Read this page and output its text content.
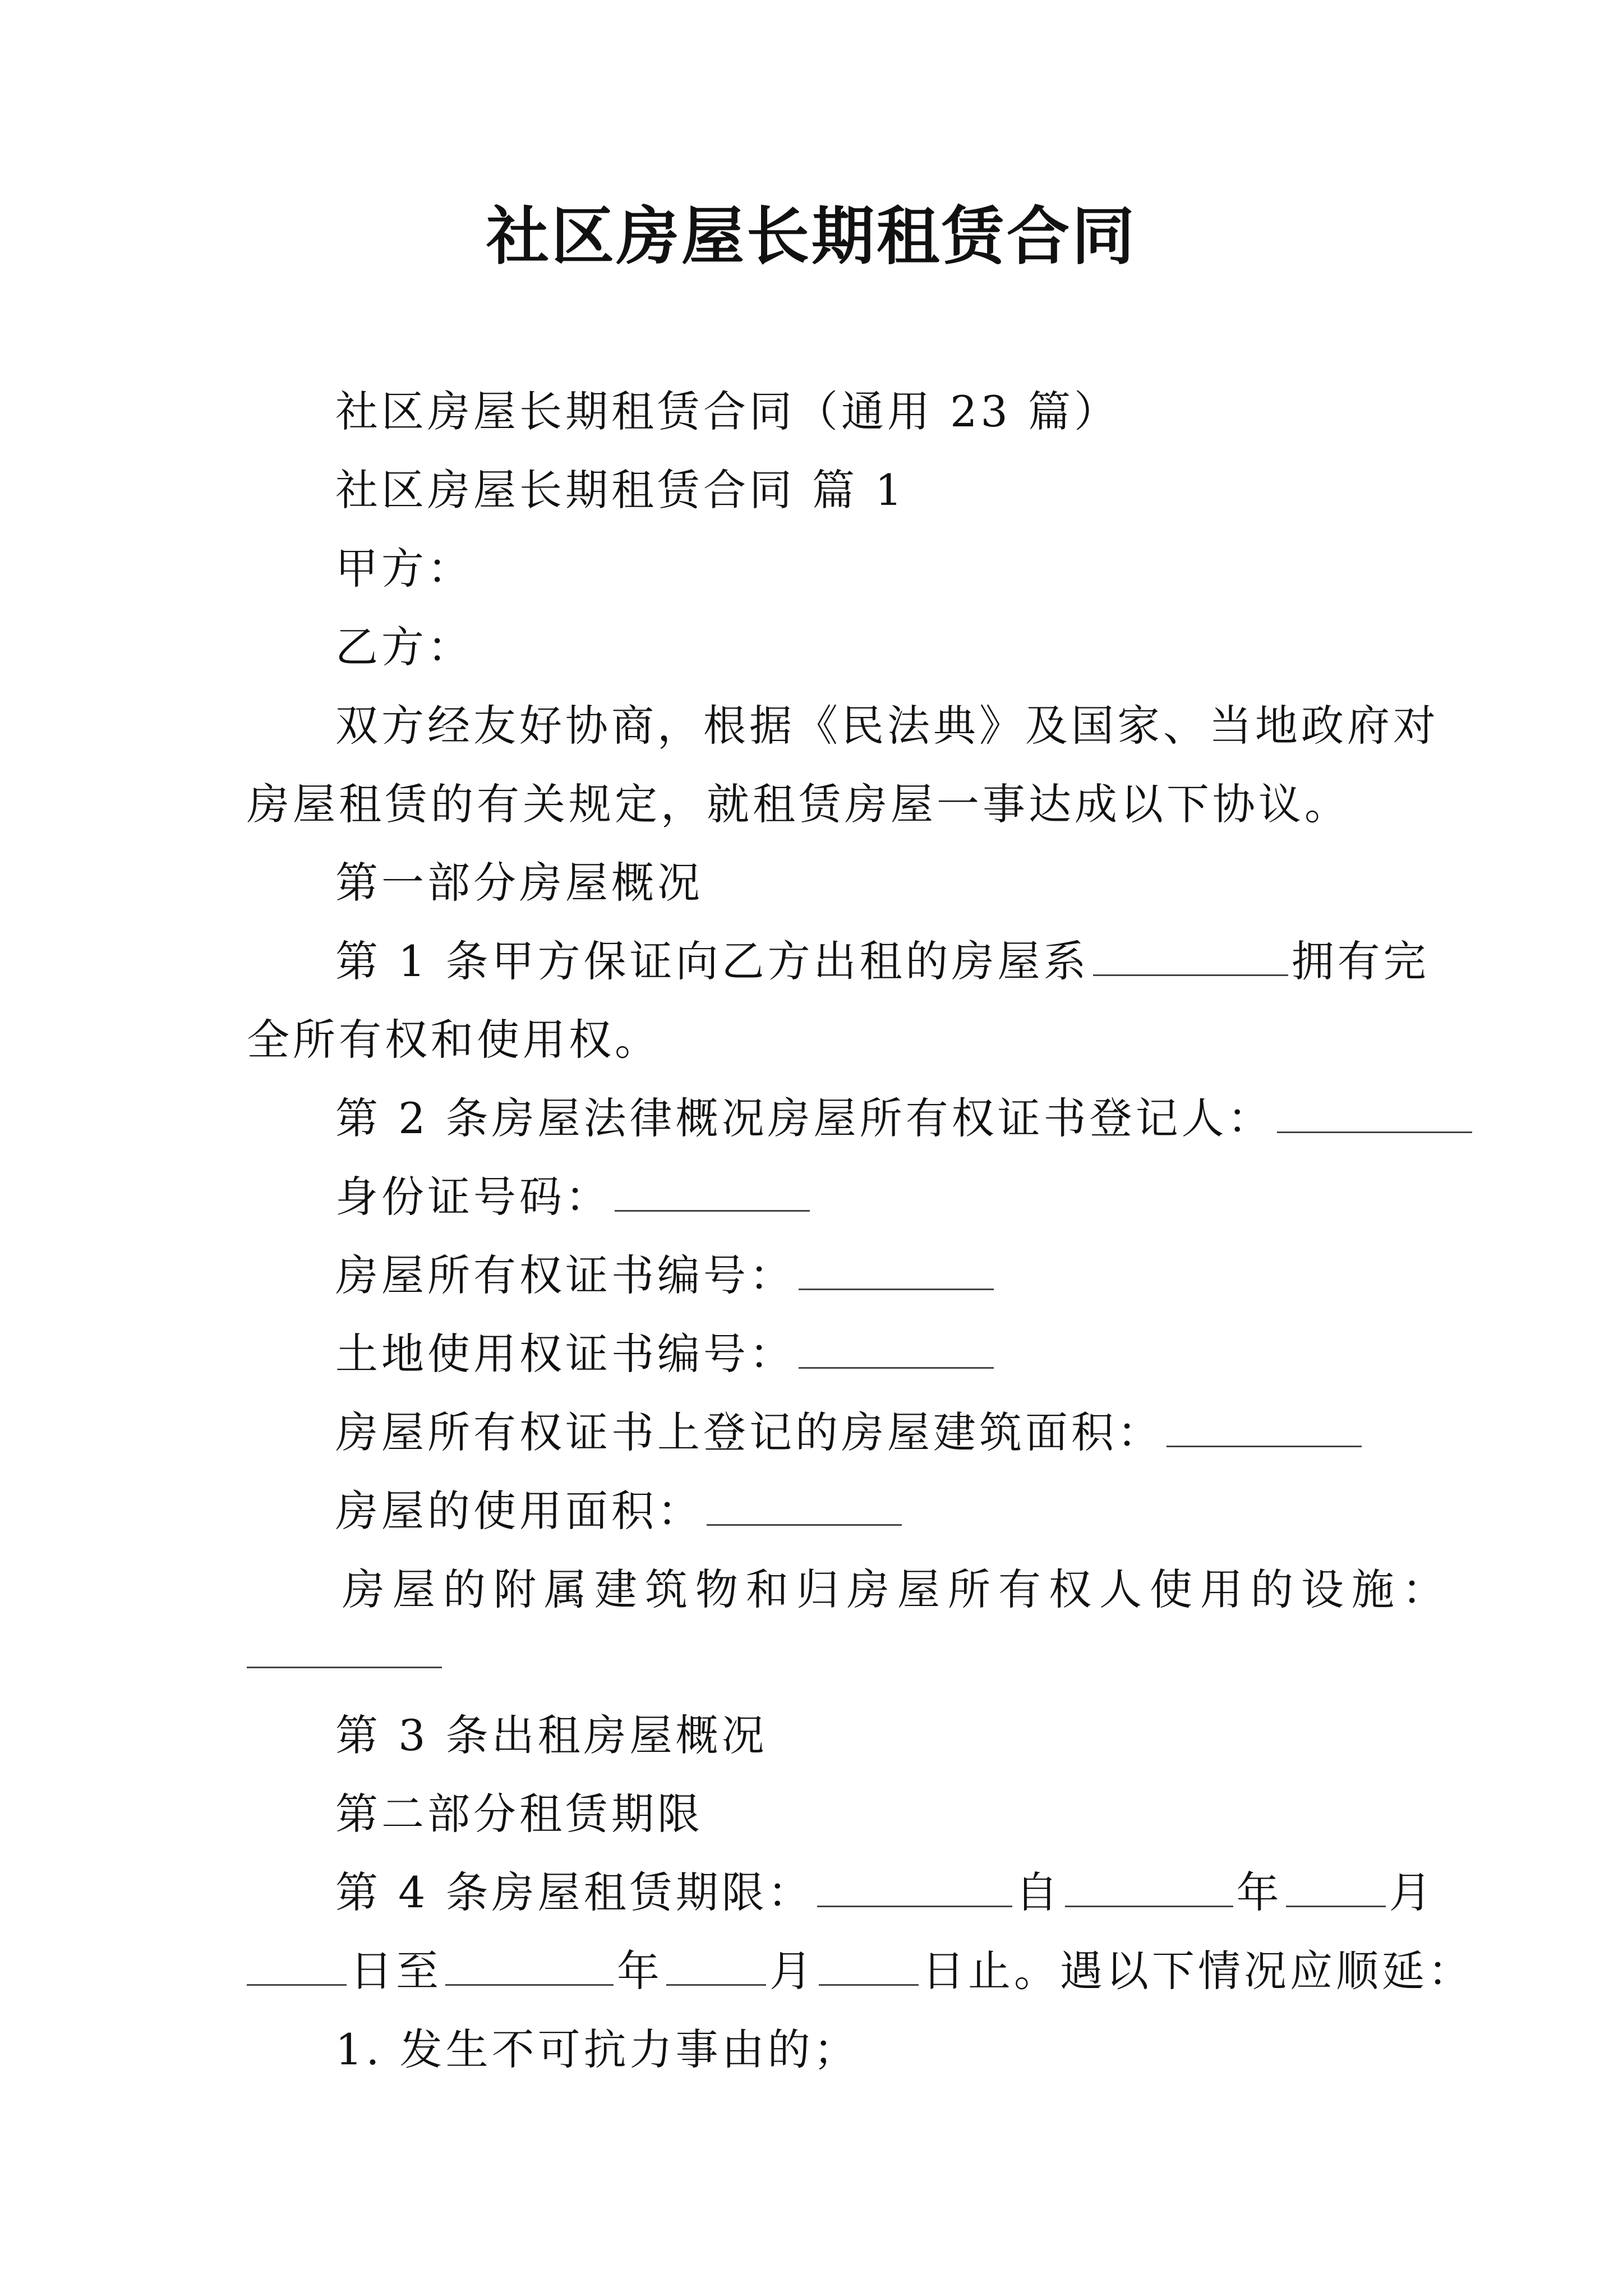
社区房屋长期租赁合同
社区房屋长期租赁合同（通用 23 篇）
社区房屋长期租赁合同 篇 1
甲方：
乙方：
双方经友好协商，根据《民法典》及国家、当地政府对
房屋租赁的有关规定，就租赁房屋一事达成以下协议。
第一部分房屋概况
第 1 条甲方保证向乙方出租的房屋系	拥有完
全所有权和使用权。
第 2 条房屋法律概况房屋所有权证书登记人：
身份证号码：
房屋所有权证书编号：
土地使用权证书编号：
房屋所有权证书上登记的房屋建筑面积：
房屋的使用面积：
房屋的附属建筑物和归房屋所有权人使用的设施：
第 3 条出租房屋概况
第二部分租赁期限
第 4 条房屋租赁期限：	自	年	月
日至	年	月	日止。遇以下情况应顺延：
1. 发生不可抗力事由的；
